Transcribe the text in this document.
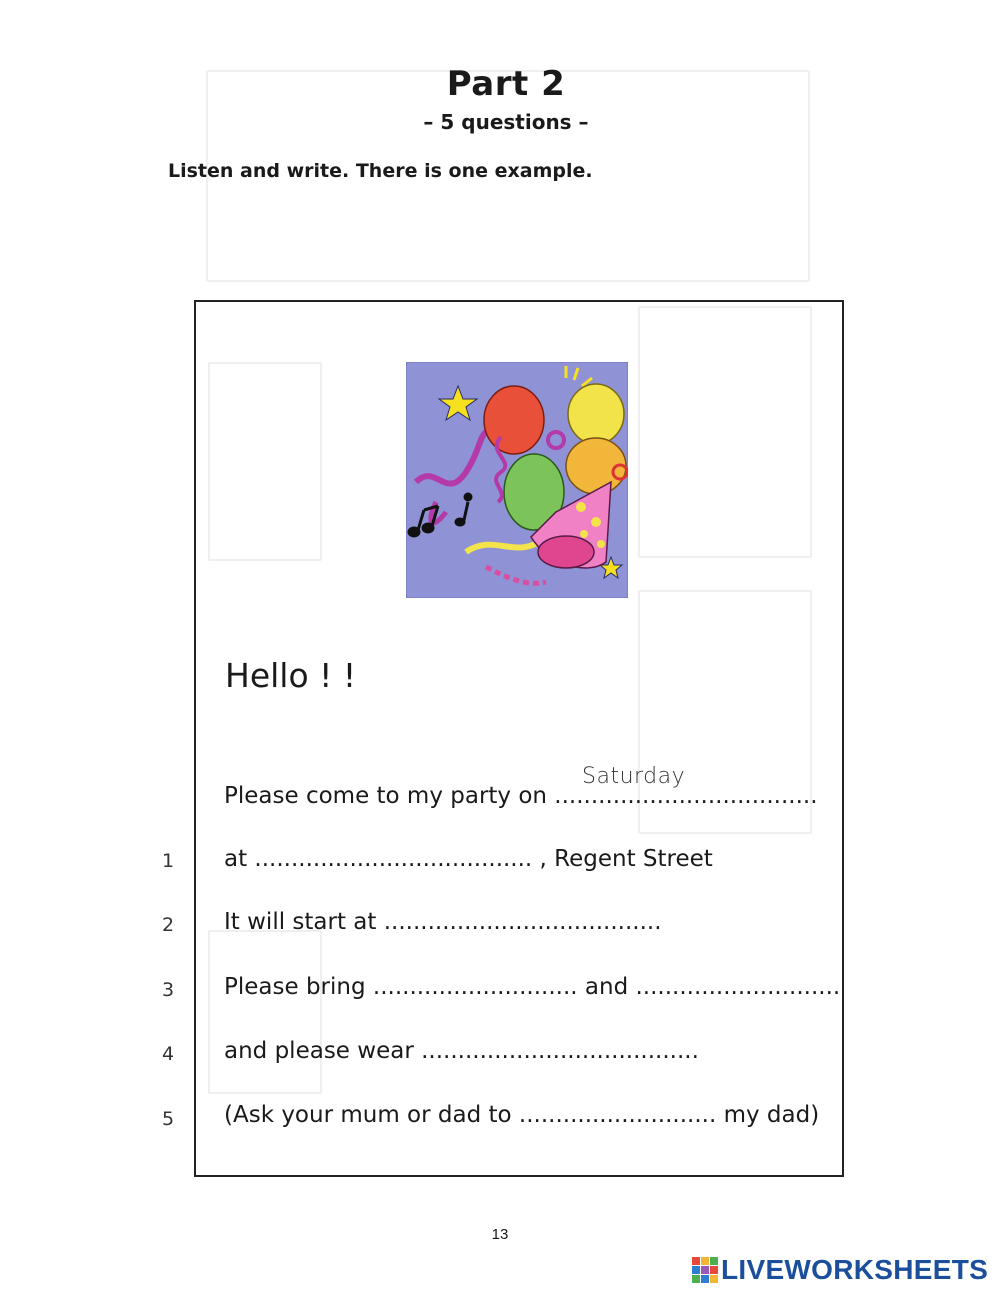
Part 2
– 5 questions –
Listen and write. There is one example.
Hello ! !
Saturday
Please come to my party on ....................................
1 at ...................................... , Regent Street
2 It will start at ......................................
3 Please bring ............................ and ............................
4 and please wear ......................................
5 (Ask your mum or dad to ........................... my dad)
13
LIVEWORKSHEETS
